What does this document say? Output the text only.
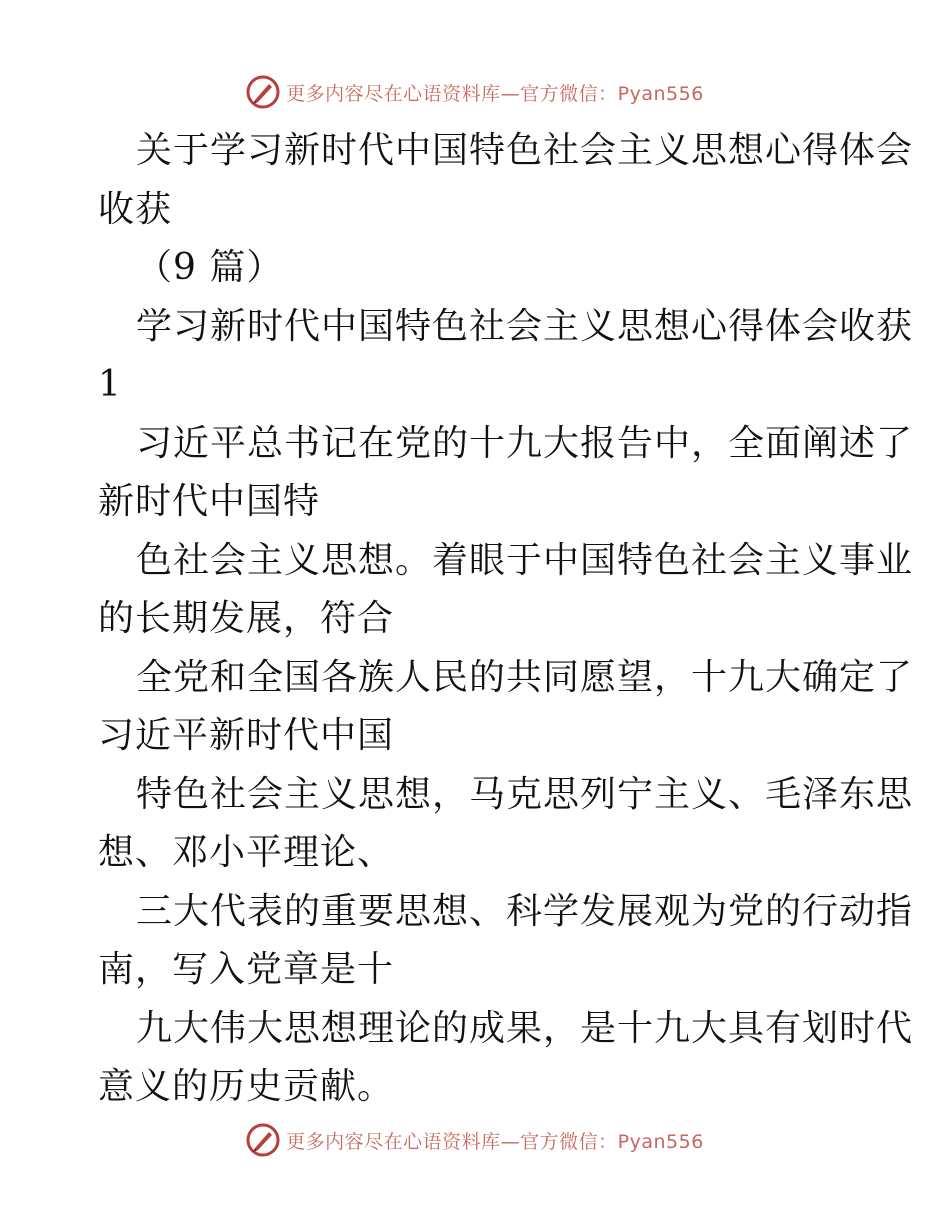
更多内容尽在心语资料库—官方微信：Pyan556
关于学习新时代中国特色社会主义思想心得体会
收获
（9 篇）
学习新时代中国特色社会主义思想心得体会收获
1
习近平总书记在党的十九大报告中，全面阐述了
新时代中国特
色社会主义思想。着眼于中国特色社会主义事业
的长期发展，符合
全党和全国各族人民的共同愿望，十九大确定了
习近平新时代中国
特色社会主义思想，马克思列宁主义、毛泽东思
想、邓小平理论、
三大代表的重要思想、科学发展观为党的行动指
南，写入党章是十
九大伟大思想理论的成果，是十九大具有划时代
意义的历史贡献。
更多内容尽在心语资料库—官方微信：Pyan556
